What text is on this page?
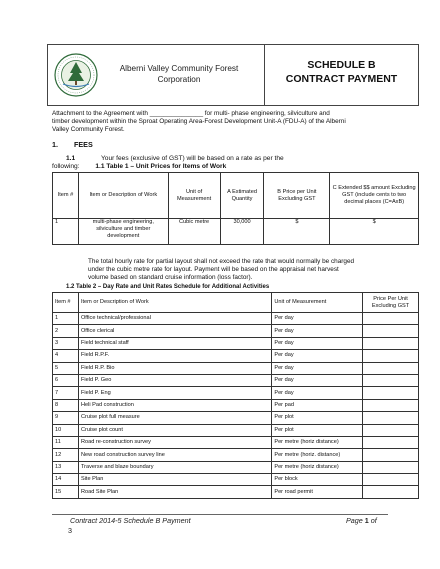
Alberni Valley Community Forest
Corporation
SCHEDULE B
CONTRACT PAYMENT
Attachment to the Agreement with _______________ for multi- phase engineering, silviculture and
timber development within the Sproat Operating Area-Forest Development Unit-A (FDU-A) of the Alberni
Valley Community Forest.
1. FEES
1.1	Your fees (exclusive of GST) will be based on a rate as per the
following: 1.1 Table 1 – Unit Prices for Items of Work
Item #	Item or Description of Work	Unit of Measurement	A Estimated Quantity	B Price per Unit Excluding GST	C Extended $$ amount Excluding GST (include cents to two decimal places (C=AxB)
1	multi-phase engineering, silviculture and timber development	Cubic metre	30,000	$	$
The total hourly rate for partial layout shall not exceed the rate that would normally be charged
under the cubic metre rate for layout. Payment will be based on the appraisal net harvest
volume based on standard cruise information (loss factor).
1.2 Table 2 – Day Rate and Unit Rates Schedule for Additional Activities
Item #	Item or Description of Work	Unit of Measurement	Price Per Unit Excluding GST
1	Office technical/professional	Per day	
2	Office clerical	Per day	
3	Field technical staff	Per day	
4	Field R.P.F.	Per day	
5	Field R.P. Bio	Per day	
6	Field P. Geo	Per day	
7	Field P. Eng	Per day	
8	Heli Pad construction	Per pad	
9	Cruise plot full measure	Per plot	
10	Cruise plot count	Per plot	
11	Road re-construction survey	Per metre (horiz distance)	
12	New road construction survey line	Per metre (horiz. distance)	
13	Traverse and blaze boundary	Per metre (horiz distance)	
14	Site Plan	Per block	
15	Road Site Plan	Per road permit	
Contract 2014-5 Schedule B Payment	Page 1 of
3
